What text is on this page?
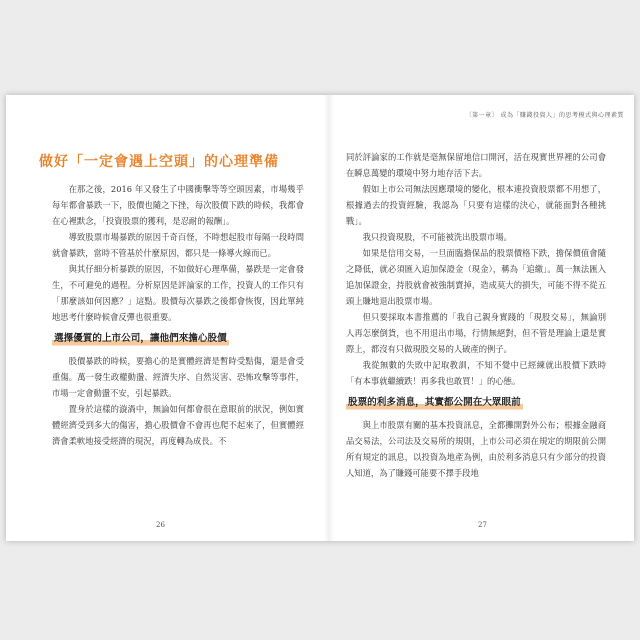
做好「一定會遇上空頭」的心理準備

在那之後，2016 年又發生了中國衝擊等等空頭因素，市場幾乎每年都會暴跌一下，股價也隨之下挫，每次股價下跌的時候，我都會在心裡默念，「投資股票的獲利，是忍耐的報酬」。

導致股票市場暴跌的原因千奇百怪，不時想起股市每隔一段時間就會暴跌，當時不管基於什麼原因，都只是一條導火線而已。

與其仔細分析暴跌的原因，不如做好心理準備，暴跌是一定會發生，不可避免的過程。分析原因是評論家的工作，投資人的工作只有「那麼該如何因應？」這點。股價每次暴跌之後都會恢復，因此單純地思考什麼時候會反彈也很重要。

選擇優質的上市公司，讓他們來擔心股價

股價暴跌的時候，要擔心的是實體經濟是暫時受點傷，還是會受重傷。萬一發生政權動盪、經濟失序、自然災害、恐怖攻擊等事件，市場一定會動盪不安，引起暴跌。

置身於這樣的漩渦中，無論如何都會很在意眼前的狀況，例如實體經濟受到多大的傷害，擔心股價會不會再也爬不起來了，但實體經濟會柔軟地接受經濟的現況，再度轉為成長。不

26
〔第一章〕 成為「賺錢投資人」的思考模式與心理素質

同於評論家的工作就是毫無保留地信口開河，活在現實世界裡的公司會在瞬息萬變的環境中努力地存活下去。

假如上市公司無法因應環境的變化，根本連投資股票都不用想了，根據過去的投資經驗，我認為「只要有這樣的決心，就能面對各種挑戰」。

我只投資現股，不可能被洗出股票市場。

如果是信用交易，一旦面臨擔保品的股票價格下跌，擔保價值會隨之降低，就必須匯入追加保證金（現金），稱為「追繳」。萬一無法匯入追加保證金，持股就會被強制賣掉，造成莫大的損失，可能不得不從五頭上賺地退出股票市場。

但只要採取本書推薦的「我自己親身實踐的「現股交易」，無論別人再怎麼倒貨，也不用退出市場，行情無絕對，但不管是理論上還是實際上，都沒有只做現股交易的人破產的例子。

我從無數的失敗中記取教訓，不知不覺中已經練就出股價下跌時「有本事就繼續跌！再多我也敢買！」的心態。

股票的利多消息，其實都公開在大眾眼前

與上市股票有關的基本投資訊息，全都攤開對外公布；根據金融商品交易法，公司法及交易所的規則，上市公司必須在規定的期限前公開所有規定的訊息，以投資為地產為例，由於利多消息只有少部分的投資人知道，為了賺錢可能要不擇手段地

27
